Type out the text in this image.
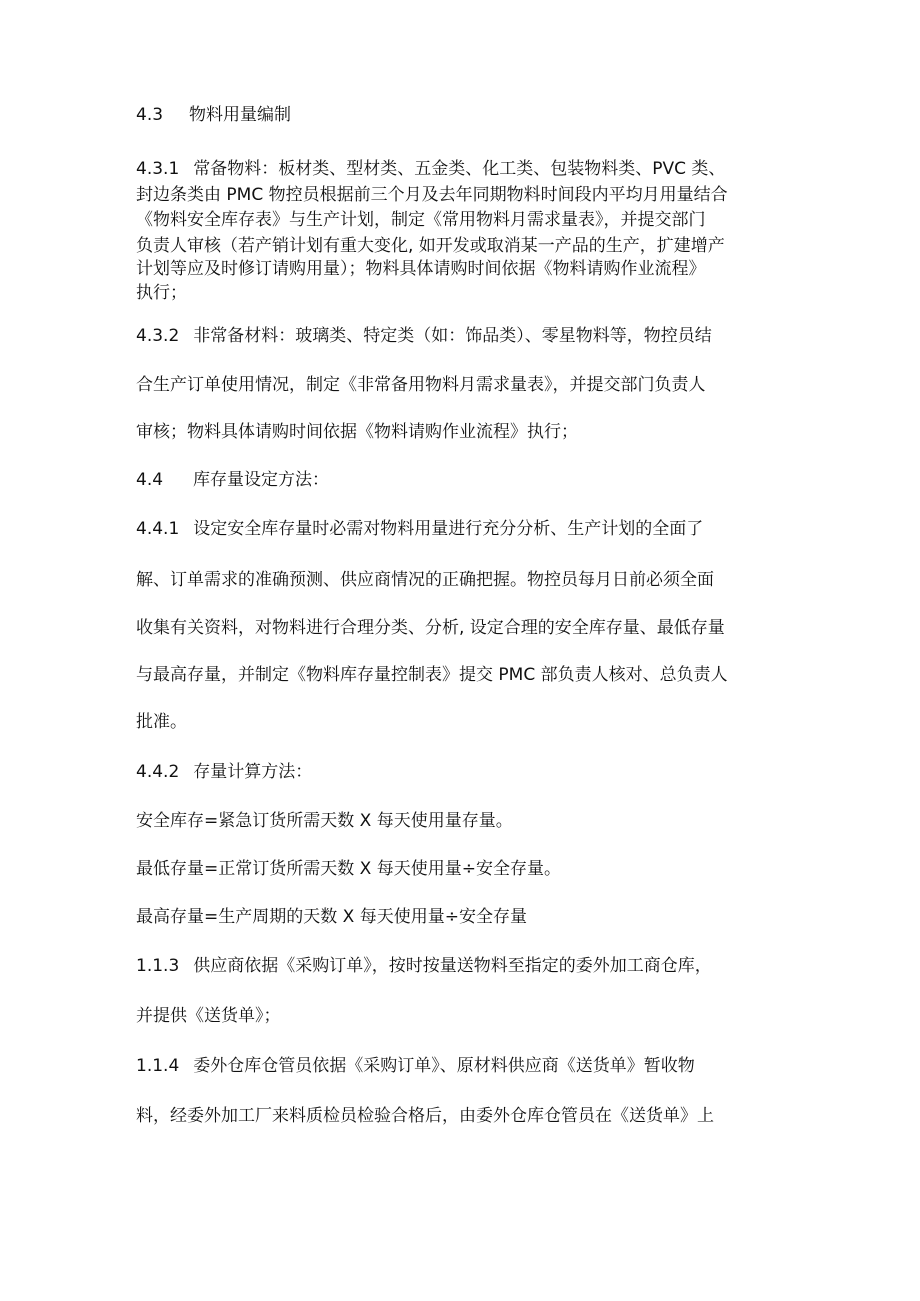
4.3 物料用量编制

4.3.1 常备物料：板材类、型材类、五金类、化工类、包装物料类、PVC 类、

封边条类由 PMC 物控员根据前三个月及去年同期物料时间段内平均月用量结合

《物料安全库存表》与生产计划，制定《常用物料月需求量表》，并提交部门

负责人审核（若产销计划有重大变化, 如开发或取消某一产品的生产，扩建增产

计划等应及时修订请购用量）；物料具体请购时间依据《物料请购作业流程》

执行；

4.3.2 非常备材料：玻璃类、特定类（如：饰品类）、零星物料等，物控员结

合生产订单使用情况，制定《非常备用物料月需求量表》，并提交部门负责人

审核；物料具体请购时间依据《物料请购作业流程》执行；

4.4 库存量设定方法：

4.4.1 设定安全库存量时必需对物料用量进行充分分析、生产计划的全面了

解、订单需求的准确预测、供应商情况的正确把握。物控员每月日前必须全面

收集有关资料，对物料进行合理分类、分析, 设定合理的安全库存量、最低存量

与最高存量，并制定《物料库存量控制表》提交 PMC 部负责人核对、总负责人

批准。

4.4.2 存量计算方法：

安全库存=紧急订货所需天数 X 每天使用量存量。

最低存量=正常订货所需天数 X 每天使用量÷安全存量。

最高存量=生产周期的天数 X 每天使用量÷安全存量

1.1.3 供应商依据《采购订单》，按时按量送物料至指定的委外加工商仓库，

并提供《送货单》；

1.1.4 委外仓库仓管员依据《采购订单》、原材料供应商《送货单》暂收物

料，经委外加工厂来料质检员检验合格后，由委外仓库仓管员在《送货单》上
